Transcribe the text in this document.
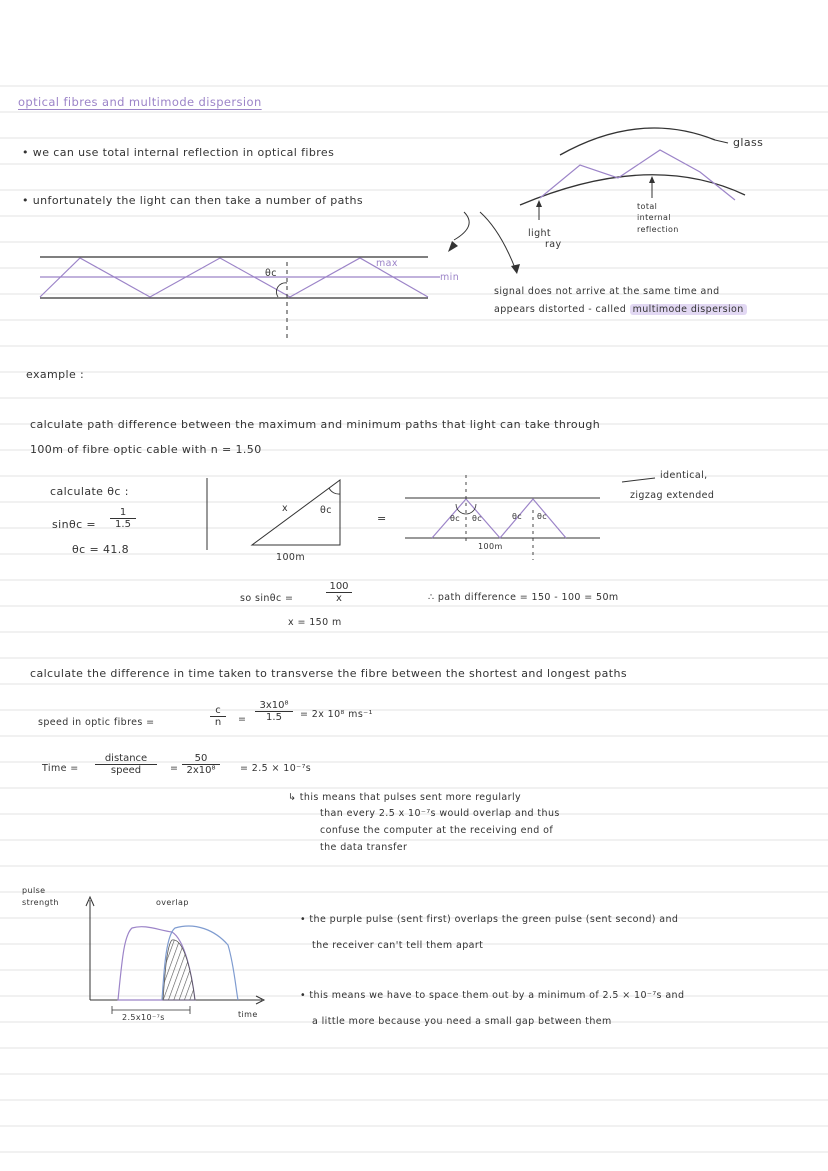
optical fibres and multimode dispersion
• we can use total internal reflection in optical fibres
• unfortunately the light can then take a number of paths
max
min
θc
glass
total
internal
reflection
light
ray
signal does not arrive at the same time and
appears distorted - called multimode dispersion
example :
calculate path difference between the maximum and minimum paths that light can take through
100m of fibre optic cable with n = 1.50
calculate θc :
$\sin\theta c = \frac{1}{1.5}$
θc = 41.8
x	θc
100m
=	θc θc	θc θc
100m
identical,
zigzag extended
so sinθc =	$\frac{100}{x}$
x = 150 m
∴ path difference = 150 - 100 = 50m
calculate the difference in time taken to transverse the fibre between the shortest and longest paths
speed in optic fibres =	$\frac{c}{n} = \frac{\text{3x10⁸}}{1.5} = 2x$ 10⁸ ms⁻¹
Time =
distance
speed	= $\frac{50}{\text{2x10⁸}} = 2.5 \times 10^{-7}s$
↳ this means that pulses sent more regularly
than every 2.5 x 10⁻⁷s would overlap and thus
confuse the computer at the receiving end of
the data transfer
pulse
strength	overlap
time
2.5x10⁻⁷s
• the purple pulse (sent first) overlaps the green pulse (sent second) and
the receiver can't tell them apart
• this means we have to space them out by a minimum of 2.5 × 10⁻⁷s and
a little more because you need a small gap between them
